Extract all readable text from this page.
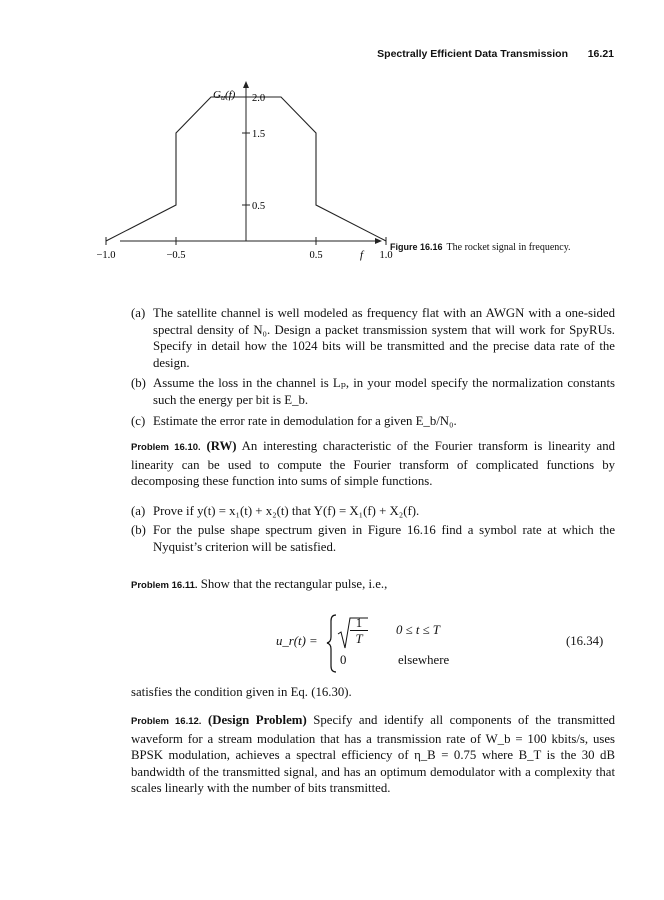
Spectrally Efficient Data Transmission 16.21
2.0
1.5
0.5
−1.0	−0.5	0.5	1.0
Gu(f)
f
Figure 16.16 The rocket signal in frequency.
(a) The satellite channel is well modeled as frequency flat with an AWGN with a one-sided spectral density of N₀. Design a packet transmission system that will work for SpyRUs. Specify in detail how the 1024 bits will be transmitted and the precise data rate of the design.
(b) Assume the loss in the channel is Lₚ, in your model specify the normalization constants such the energy per bit is E_b.
(c) Estimate the error rate in demodulation for a given E_b/N₀.
Problem 16.10. (RW) An interesting characteristic of the Fourier transform is linearity and linearity can be used to compute the Fourier transform of complicated functions by decomposing these function into sums of simple functions.
(a) Prove if y(t) = x₁(t) + x₂(t) that Y(f) = X₁(f) + X₂(f).
(b) For the pulse shape spectrum given in Figure 16.16 find a symbol rate at which the Nyquist’s criterion will be satisfied.
Problem 16.11. Show that the rectangular pulse, i.e.,
u_r(t) =
1
T
0 ≤ t ≤ T
0	elsewhere
(16.34)
satisfies the condition given in Eq. (16.30).
Problem 16.12. (Design Problem) Specify and identify all components of the transmitted waveform for a stream modulation that has a transmission rate of W_b = 100 kbits/s, uses BPSK modulation, achieves a spectral efficiency of η_B = 0.75 where B_T is the 30 dB bandwidth of the transmitted signal, and has an optimum demodulator with a complexity that scales linearly with the number of bits transmitted.
